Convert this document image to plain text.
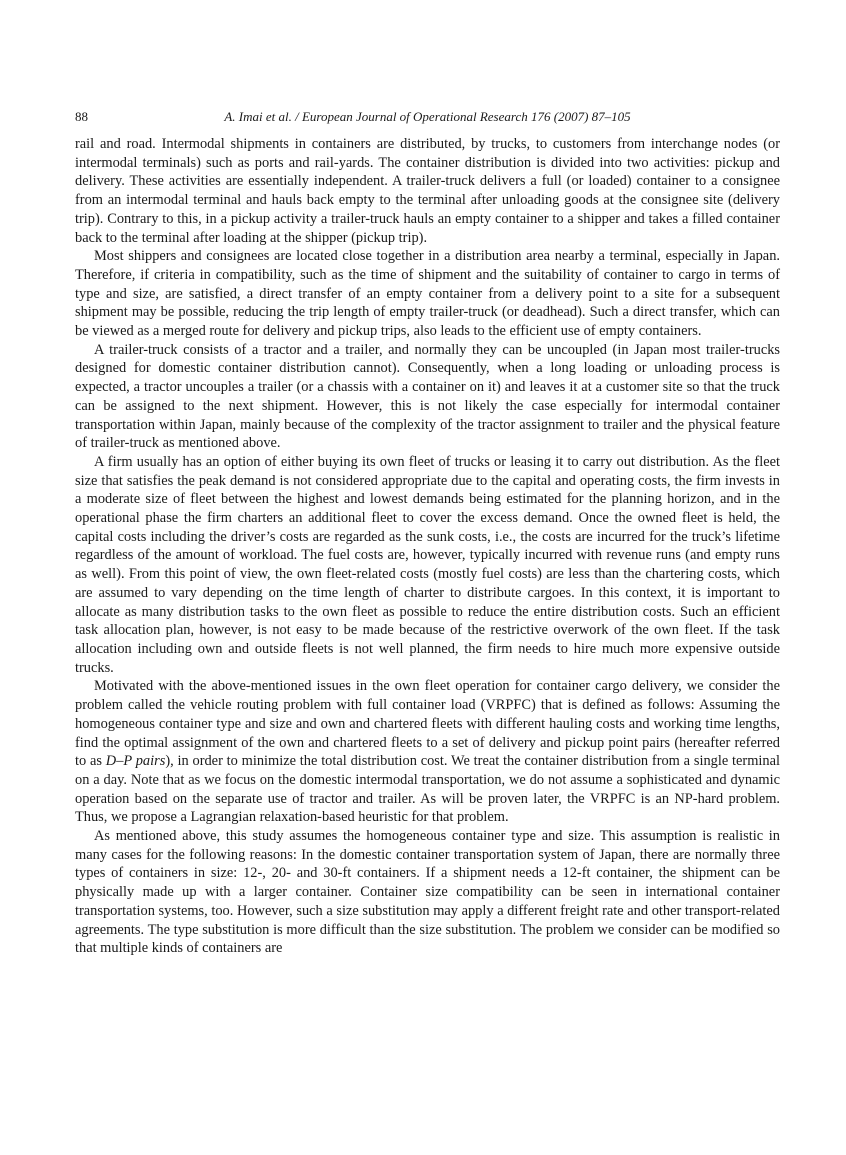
88	A. Imai et al. / European Journal of Operational Research 176 (2007) 87–105

rail and road. Intermodal shipments in containers are distributed, by trucks, to customers from interchange nodes (or intermodal terminals) such as ports and rail-yards. The container distribution is divided into two activities: pickup and delivery. These activities are essentially independent. A trailer-truck delivers a full (or loaded) container to a consignee from an intermodal terminal and hauls back empty to the terminal after unloading goods at the consignee site (delivery trip). Contrary to this, in a pickup activity a trailer-truck hauls an empty container to a shipper and takes a filled container back to the terminal after loading at the shipper (pickup trip).

Most shippers and consignees are located close together in a distribution area nearby a terminal, especially in Japan. Therefore, if criteria in compatibility, such as the time of shipment and the suitability of container to cargo in terms of type and size, are satisfied, a direct transfer of an empty container from a delivery point to a site for a subsequent shipment may be possible, reducing the trip length of empty trailer-truck (or deadhead). Such a direct transfer, which can be viewed as a merged route for delivery and pickup trips, also leads to the efficient use of empty containers.

A trailer-truck consists of a tractor and a trailer, and normally they can be uncoupled (in Japan most trailer-trucks designed for domestic container distribution cannot). Consequently, when a long loading or unloading process is expected, a tractor uncouples a trailer (or a chassis with a container on it) and leaves it at a customer site so that the truck can be assigned to the next shipment. However, this is not likely the case especially for intermodal container transportation within Japan, mainly because of the complexity of the tractor assignment to trailer and the physical feature of trailer-truck as mentioned above.

A firm usually has an option of either buying its own fleet of trucks or leasing it to carry out distribution. As the fleet size that satisfies the peak demand is not considered appropriate due to the capital and operating costs, the firm invests in a moderate size of fleet between the highest and lowest demands being estimated for the planning horizon, and in the operational phase the firm charters an additional fleet to cover the excess demand. Once the owned fleet is held, the capital costs including the driver’s costs are regarded as the sunk costs, i.e., the costs are incurred for the truck’s lifetime regardless of the amount of workload. The fuel costs are, however, typically incurred with revenue runs (and empty runs as well). From this point of view, the own fleet-related costs (mostly fuel costs) are less than the chartering costs, which are assumed to vary depending on the time length of charter to distribute cargoes. In this context, it is important to allocate as many distribution tasks to the own fleet as possible to reduce the entire distribution costs. Such an efficient task allocation plan, however, is not easy to be made because of the restrictive overwork of the own fleet. If the task allocation including own and outside fleets is not well planned, the firm needs to hire much more expensive outside trucks.

Motivated with the above-mentioned issues in the own fleet operation for container cargo delivery, we consider the problem called the vehicle routing problem with full container load (VRPFC) that is defined as follows: Assuming the homogeneous container type and size and own and chartered fleets with different hauling costs and working time lengths, find the optimal assignment of the own and chartered fleets to a set of delivery and pickup point pairs (hereafter referred to as D–P pairs), in order to minimize the total distribution cost. We treat the container distribution from a single terminal on a day. Note that as we focus on the domestic intermodal transportation, we do not assume a sophisticated and dynamic operation based on the separate use of tractor and trailer. As will be proven later, the VRPFC is an NP-hard problem. Thus, we propose a Lagrangian relaxation-based heuristic for that problem.

As mentioned above, this study assumes the homogeneous container type and size. This assumption is realistic in many cases for the following reasons: In the domestic container transportation system of Japan, there are normally three types of containers in size: 12-, 20- and 30-ft containers. If a shipment needs a 12-ft container, the shipment can be physically made up with a larger container. Container size compatibility can be seen in international container transportation systems, too. However, such a size substitution may apply a different freight rate and other transport-related agreements. The type substitution is more difficult than the size substitution. The problem we consider can be modified so that multiple kinds of containers are
